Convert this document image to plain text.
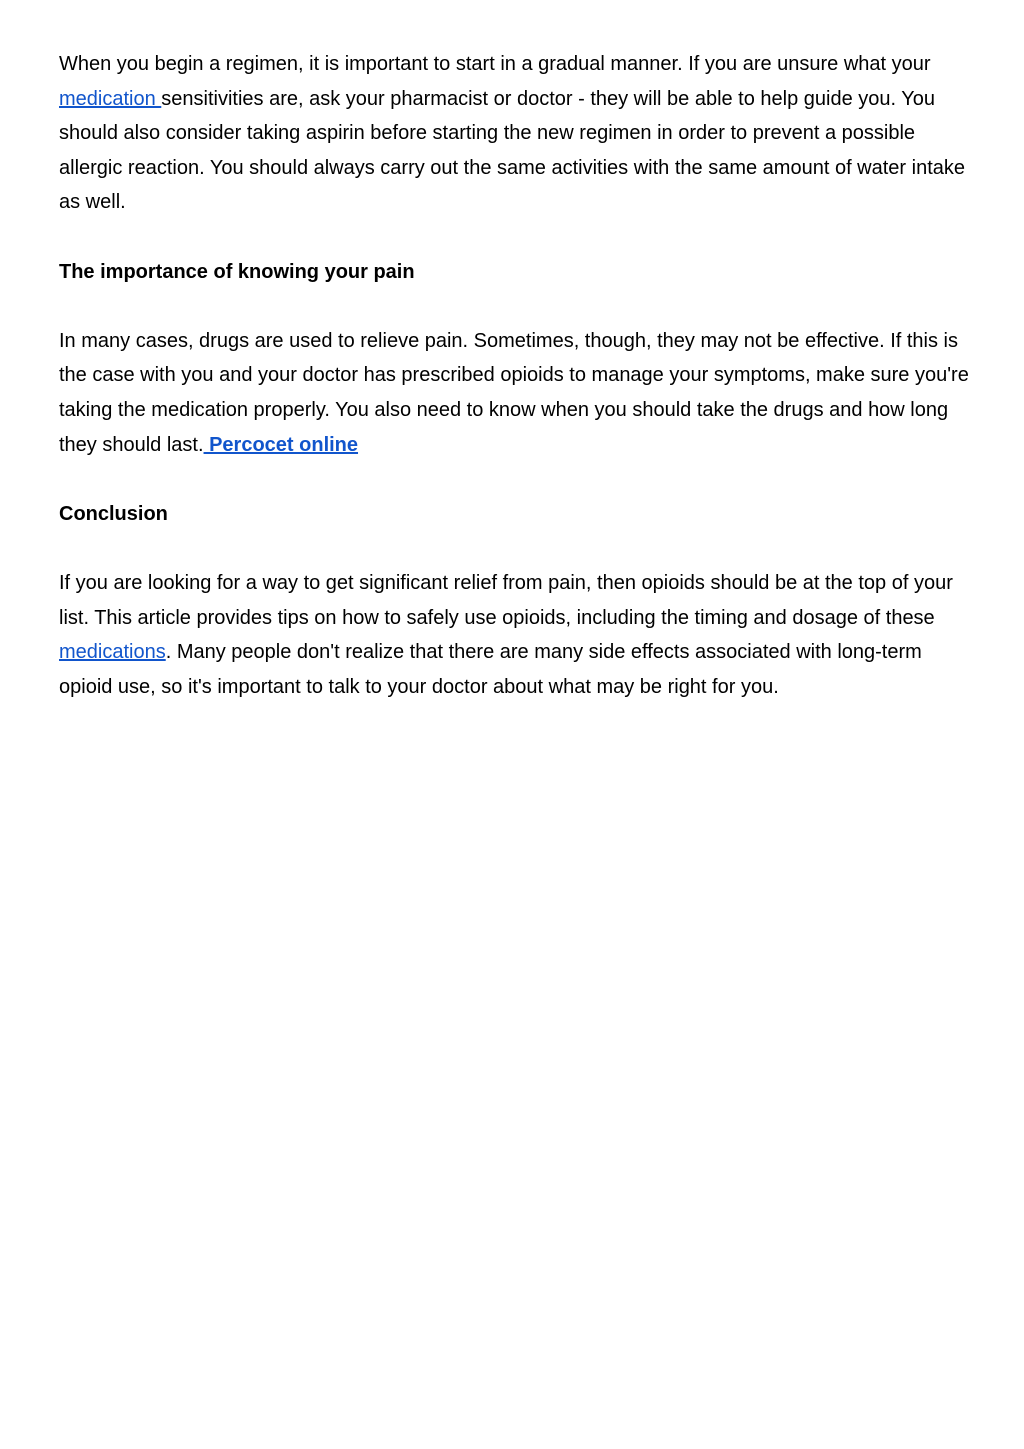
When you begin a regimen, it is important to start in a gradual manner. If you are unsure what your medication sensitivities are, ask your pharmacist or doctor - they will be able to help guide you. You should also consider taking aspirin before starting the new regimen in order to prevent a possible allergic reaction. You should always carry out the same activities with the same amount of water intake as well.

The importance of knowing your pain

In many cases, drugs are used to relieve pain. Sometimes, though, they may not be effective. If this is the case with you and your doctor has prescribed opioids to manage your symptoms, make sure you're taking the medication properly. You also need to know when you should take the drugs and how long they should last. Percocet online

Conclusion

If you are looking for a way to get significant relief from pain, then opioids should be at the top of your list. This article provides tips on how to safely use opioids, including the timing and dosage of these medications. Many people don't realize that there are many side effects associated with long-term opioid use, so it's important to talk to your doctor about what may be right for you.
